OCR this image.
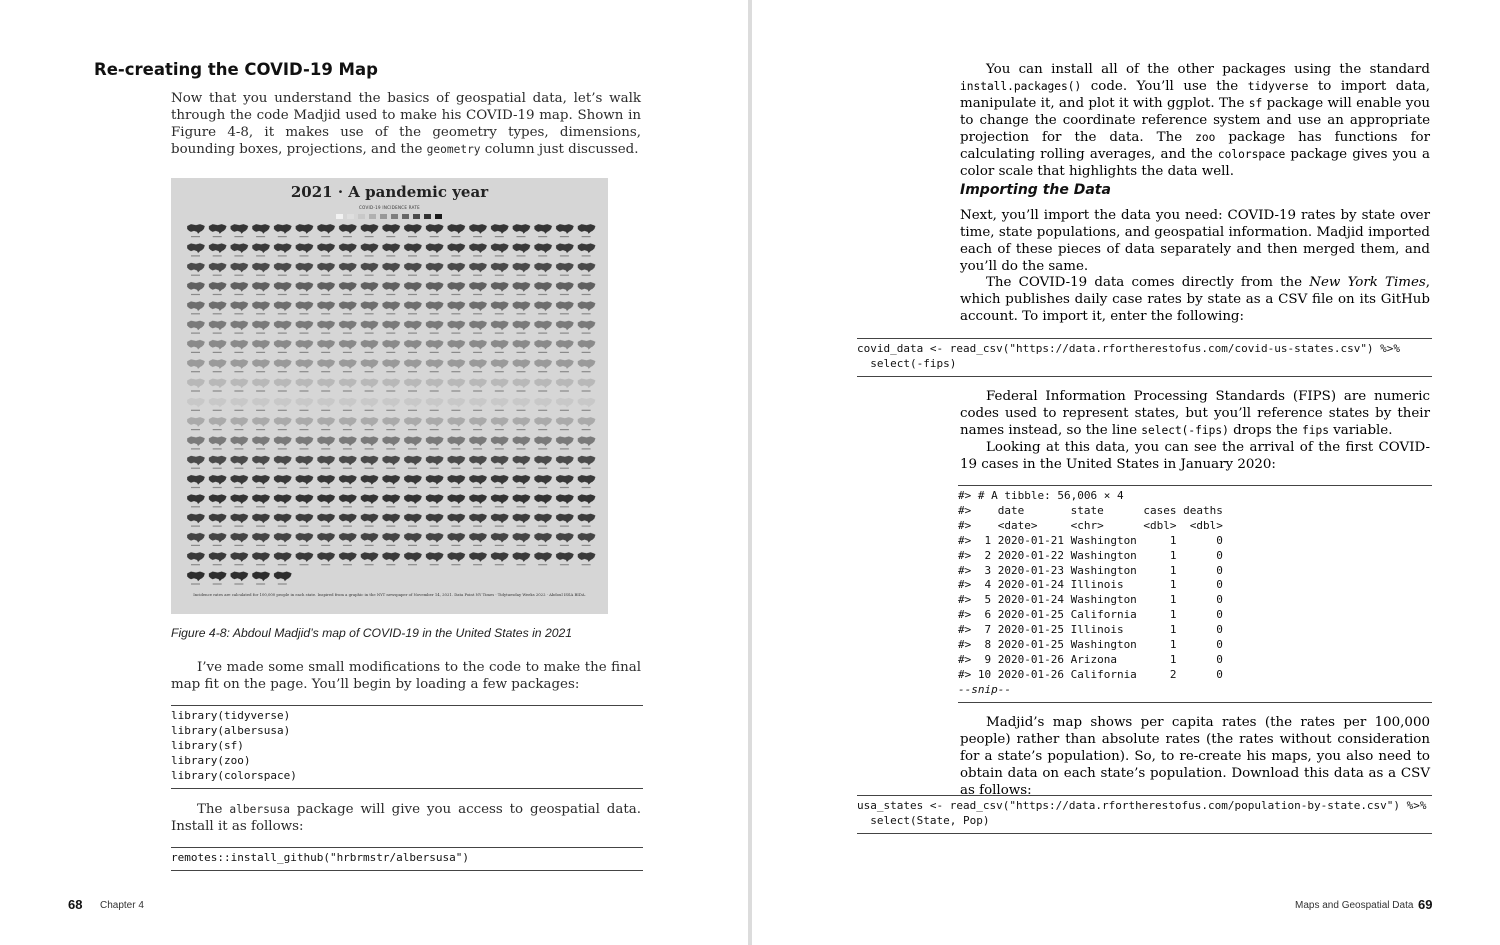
Re-creating the COVID-19 Map

Now that you understand the basics of geospatial data, let’s walk through the code Madjid used to make his COVID-19 map. Shown in Figure 4-8, it makes use of the geometry types, dimensions, bounding boxes, projections, and the geometry column just discussed.

2021 · A pandemic year
COVID-19 INCIDENCE RATE
Incidence rates are calculated for 100,000 people in each state. Inspired from a graphic in the NYT newspaper of November 14, 2021. Data Point NY Times · Tidytuesday Weeks 2022 · Abdoul ISSA BIDA.
Figure 4-8: Abdoul Madjid’s map of COVID-19 in the United States in 2021

I’ve made some small modifications to the code to make the final map fit on the page. You’ll begin by loading a few packages:

library(tidyverse)
library(albersusa)
library(sf)
library(zoo)
library(colorspace)

The albersusa package will give you access to geospatial data. Install it as follows:

remotes::install_github("hrbrmstr/albersusa")
68 Chapter 4	Maps and Geospatial Data 69

You can install all of the other packages using the standard install.packages() code. You’ll use the tidyverse to import data, manipulate it, and plot it with ggplot. The sf package will enable you to change the coordinate reference system and use an appropriate projection for the data. The zoo package has functions for calculating rolling averages, and the colorspace package gives you a color scale that highlights the data well.

Importing the Data

Next, you’ll import the data you need: COVID-19 rates by state over time, state populations, and geospatial information. Madjid imported each of these pieces of data separately and then merged them, and you’ll do the same.

The COVID-19 data comes directly from the New York Times, which publishes daily case rates by state as a CSV file on its GitHub account. To import it, enter the following:

covid_data <- read_csv("https://data.rfortherestofus.com/covid-us-states.csv") %>%
select(-fips)

Federal Information Processing Standards (FIPS) are numeric codes used to represent states, but you’ll reference states by their names instead, so the line select(-fips) drops the fips variable.

Looking at this data, you can see the arrival of the first COVID-19 cases in the United States in January 2020:

#> # A tibble: 56,006 × 4
#>    date       state      cases deaths
#>    <date>     <chr>      <dbl>  <dbl>
#>  1 2020-01-21 Washington     1      0
#>  2 2020-01-22 Washington     1      0
#>  3 2020-01-23 Washington     1      0
#>  4 2020-01-24 Illinois       1      0
#>  5 2020-01-24 Washington     1      0
#>  6 2020-01-25 California     1      0
#>  7 2020-01-25 Illinois       1      0
#>  8 2020-01-25 Washington     1      0
#>  9 2020-01-26 Arizona        1      0
#> 10 2020-01-26 California     2      0
--snip--

Madjid’s map shows per capita rates (the rates per 100,000 people) rather than absolute rates (the rates without consideration for a state’s population). So, to re-create his maps, you also need to obtain data on each state’s population. Download this data as a CSV as follows:

usa_states <- read_csv("https://data.rfortherestofus.com/population-by-state.csv") %>%
select(State, Pop)
